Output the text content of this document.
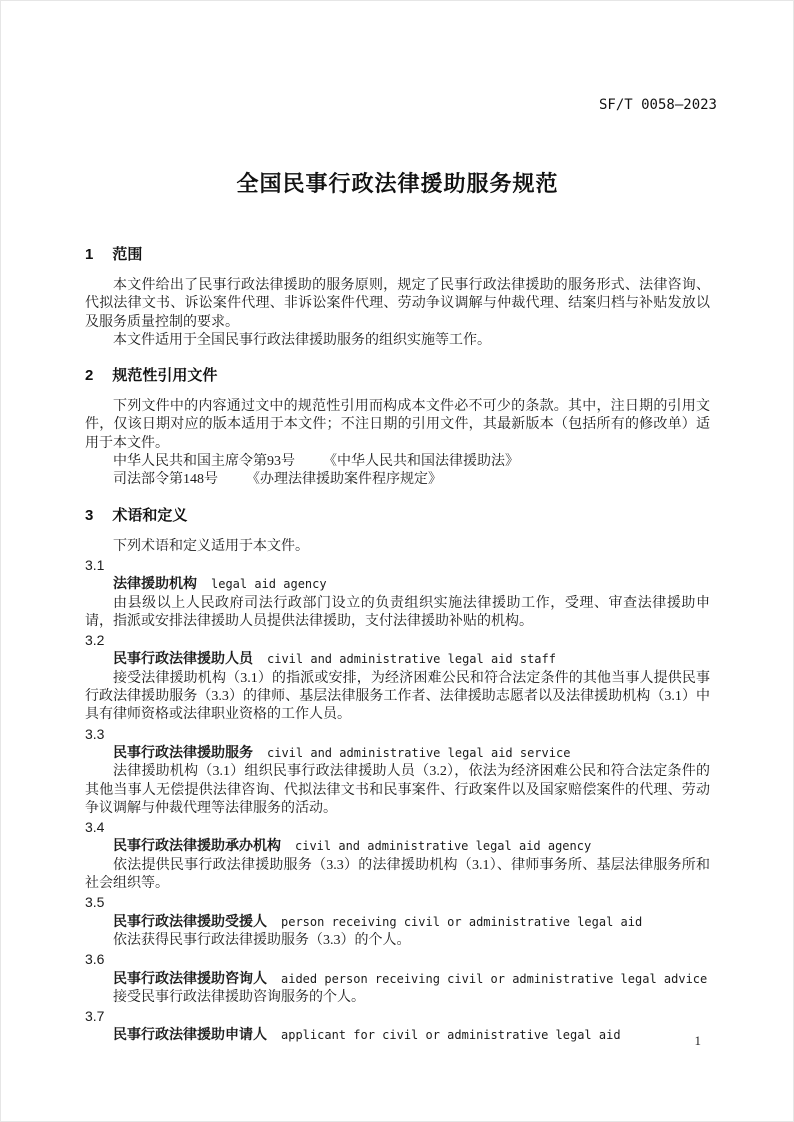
SF/T 0058—2023
全国民事行政法律援助服务规范
1 范围

本文件给出了民事行政法律援助的服务原则，规定了民事行政法律援助的服务形式、法律咨询、代拟法律文书、诉讼案件代理、非诉讼案件代理、劳动争议调解与仲裁代理、结案归档与补贴发放以及服务质量控制的要求。

本文件适用于全国民事行政法律援助服务的组织实施等工作。

2 规范性引用文件

下列文件中的内容通过文中的规范性引用而构成本文件必不可少的条款。其中，注日期的引用文件，仅该日期对应的版本适用于本文件；不注日期的引用文件，其最新版本（包括所有的修改单）适用于本文件。

中华人民共和国主席令第93号 《中华人民共和国法律援助法》

司法部令第148号 《办理法律援助案件程序规定》

3 术语和定义

下列术语和定义适用于本文件。

3.1

法律援助机构 legal aid agency

由县级以上人民政府司法行政部门设立的负责组织实施法律援助工作，受理、审查法律援助申请，指派或安排法律援助人员提供法律援助，支付法律援助补贴的机构。

3.2

民事行政法律援助人员 civil and administrative legal aid staff

接受法律援助机构（3.1）的指派或安排，为经济困难公民和符合法定条件的其他当事人提供民事行政法律援助服务（3.3）的律师、基层法律服务工作者、法律援助志愿者以及法律援助机构（3.1）中具有律师资格或法律职业资格的工作人员。

3.3

民事行政法律援助服务 civil and administrative legal aid service

法律援助机构（3.1）组织民事行政法律援助人员（3.2），依法为经济困难公民和符合法定条件的其他当事人无偿提供法律咨询、代拟法律文书和民事案件、行政案件以及国家赔偿案件的代理、劳动争议调解与仲裁代理等法律服务的活动。

3.4

民事行政法律援助承办机构 civil and administrative legal aid agency

依法提供民事行政法律援助服务（3.3）的法律援助机构（3.1）、律师事务所、基层法律服务所和社会组织等。

3.5

民事行政法律援助受援人 person receiving civil or administrative legal aid

依法获得民事行政法律援助服务（3.3）的个人。

3.6

民事行政法律援助咨询人 aided person receiving civil or administrative legal advice

接受民事行政法律援助咨询服务的个人。

3.7

民事行政法律援助申请人 applicant for civil or administrative legal aid	1
